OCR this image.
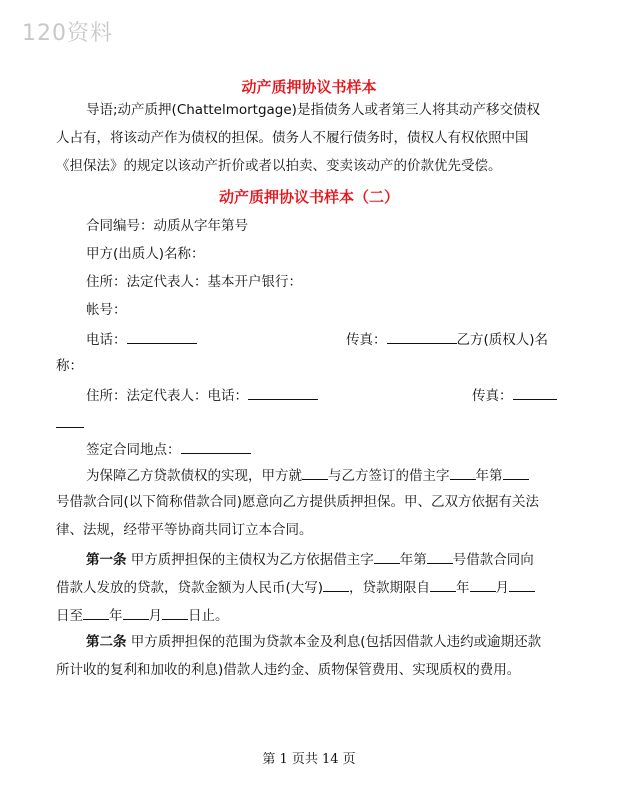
120资料
动产质押协议书样本
导语;动产质押(Chattelmortgage)是指债务人或者第三人将其动产移交债权
人占有，将该动产作为债权的担保。债务人不履行债务时，债权人有权依照中国
《担保法》的规定以该动产折价或者以拍卖、变卖该动产的价款优先受偿。
动产质押协议书样本（二）
合同编号：动质从字年第号
甲方(出质人)名称：
住所：法定代表人：基本开户银行：
帐号：
电话：	传真：	乙方(质权人)名
称：
住所：法定代表人：电话：	传真：
签定合同地点：
为保障乙方贷款债权的实现，甲方就 与乙方签订的借主字 年第
号借款合同(以下简称借款合同)愿意向乙方提供质押担保。甲、乙双方依据有关法
律、法规，经带平等协商共同订立本合同。
第一条 甲方质押担保的主债权为乙方依据借主字 年第 号借款合同向
借款人发放的贷款，贷款金额为人民币(大写) ，贷款期限自 年 月
日至 年 月 日止。
第二条 甲方质押担保的范围为贷款本金及利息(包括因借款人违约或逾期还款
所计收的复利和加收的利息)借款人违约金、质物保管费用、实现质权的费用。
第 1 页共 14 页
